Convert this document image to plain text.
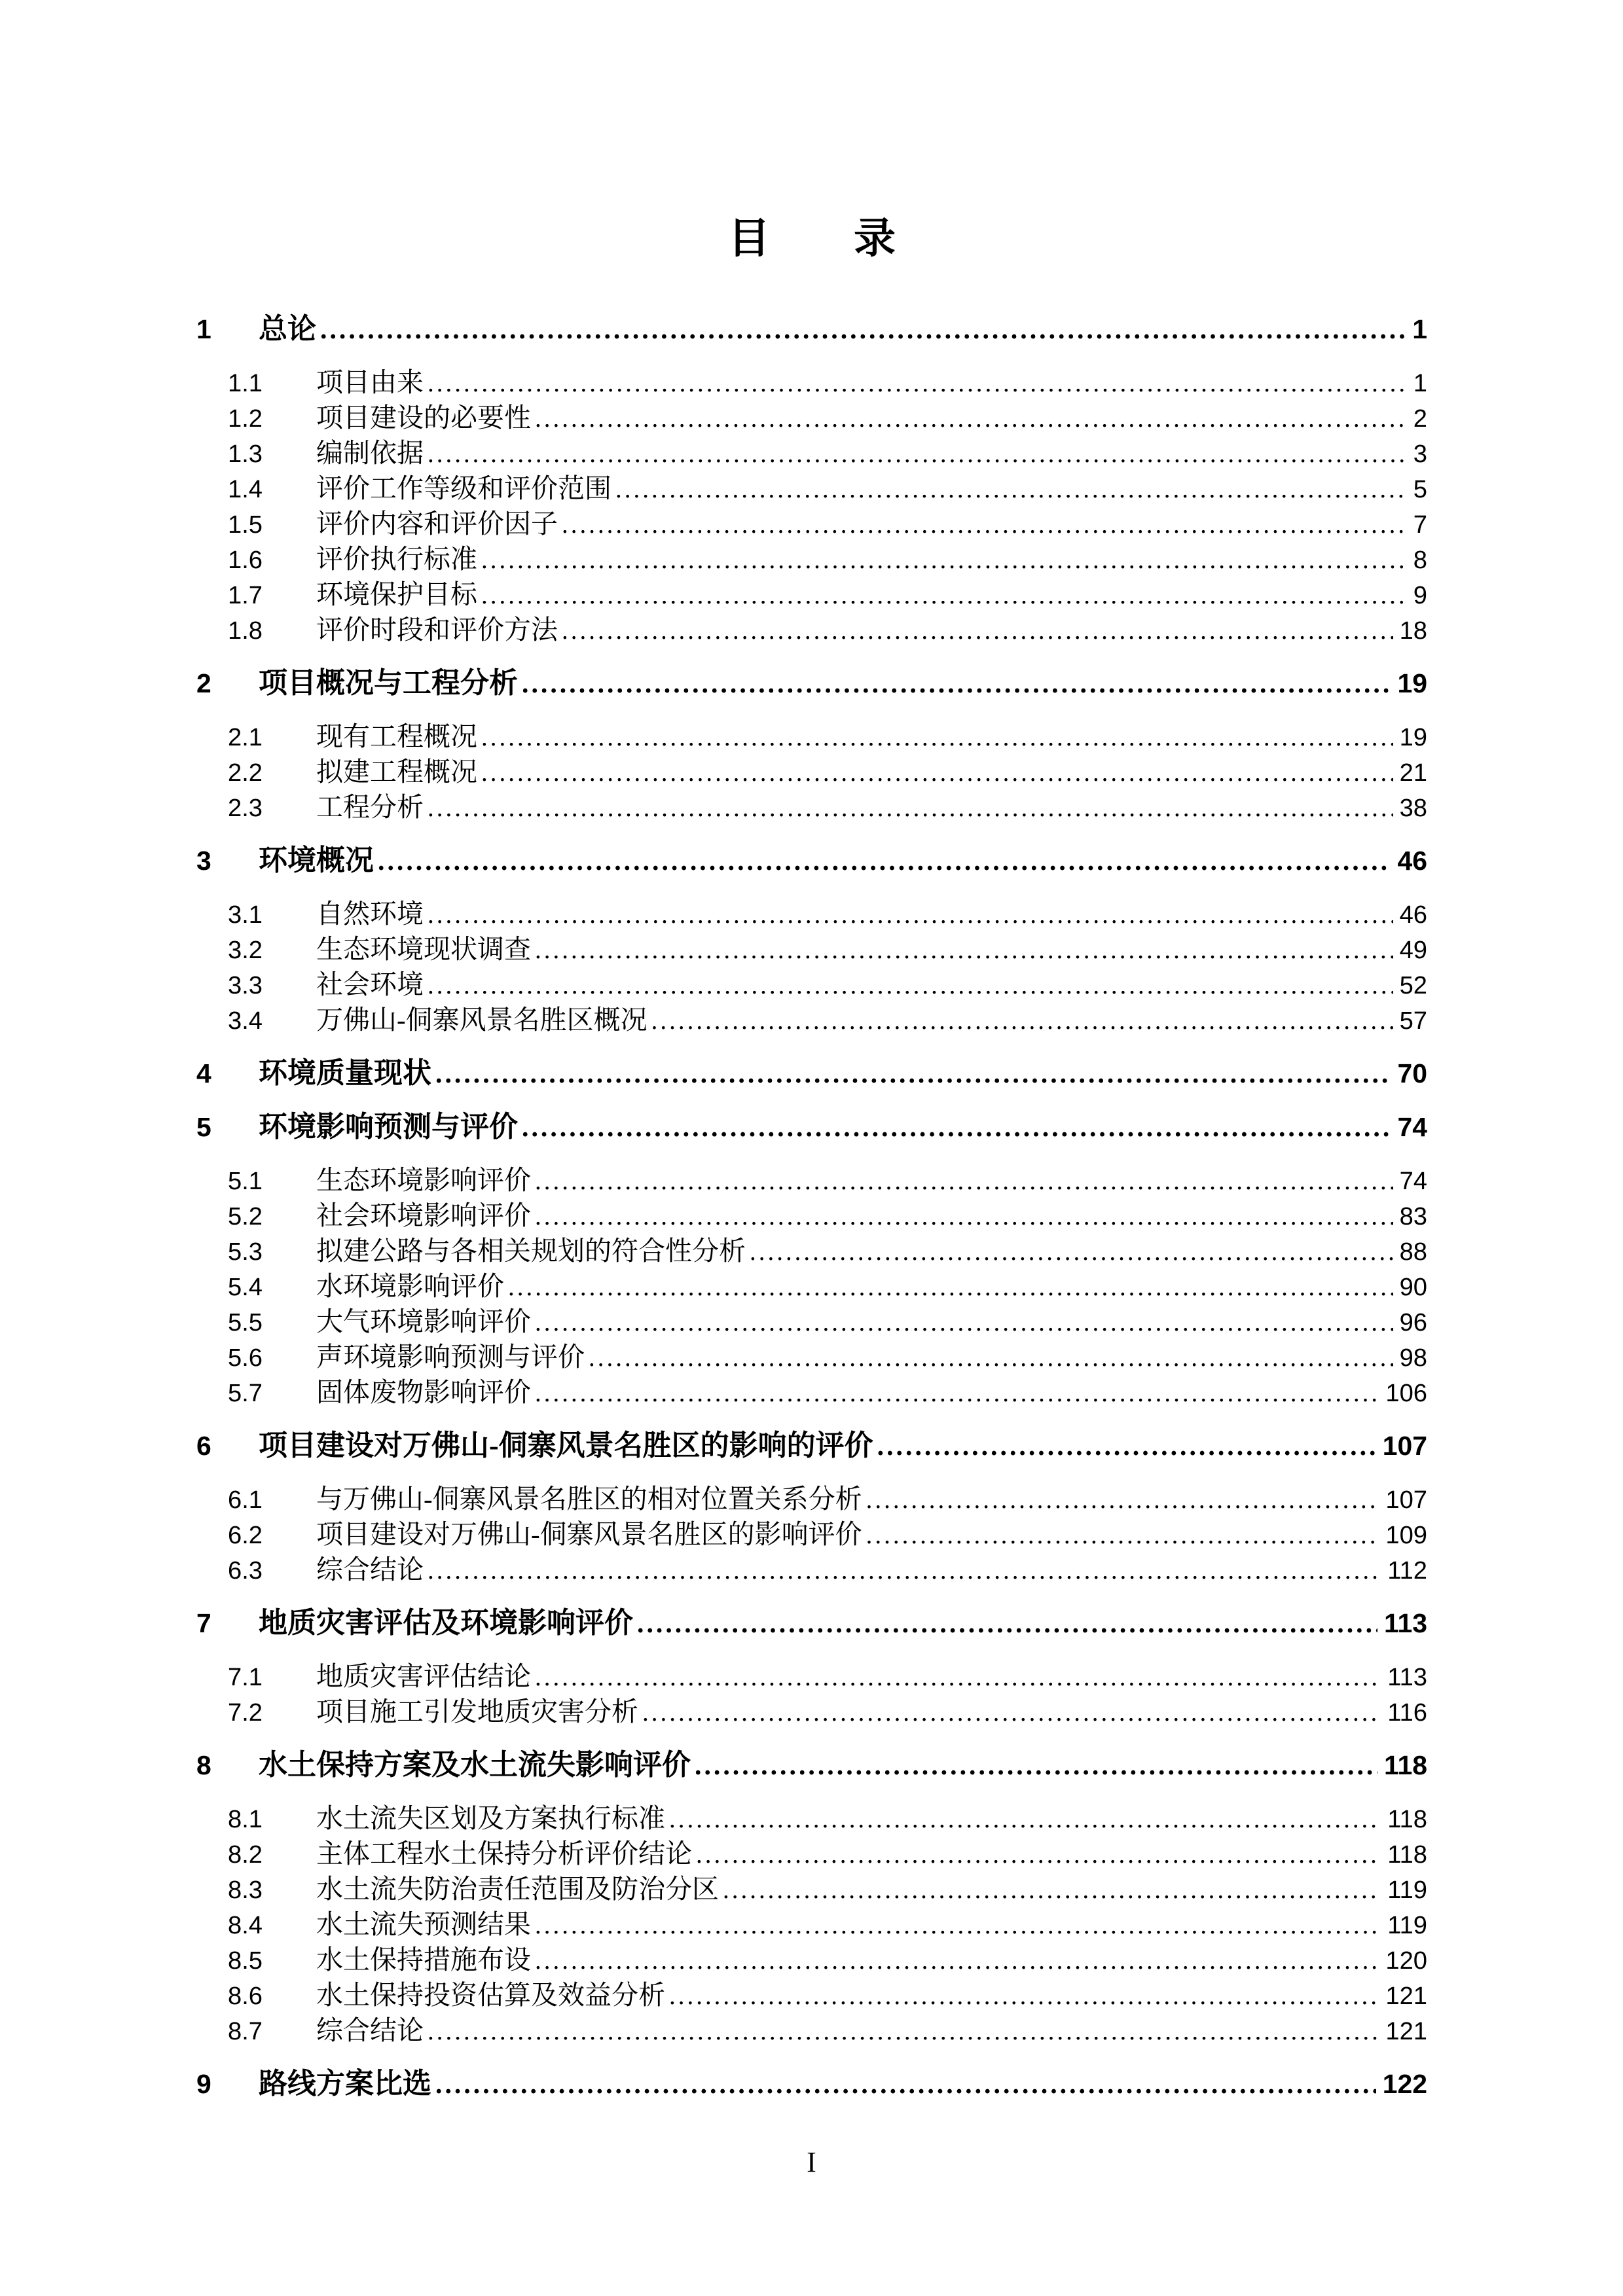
目　　录
1	总论 .....	1
1.1	项目由来 .....	1
1.2	项目建设的必要性 .....	2
1.3	编制依据 .....	3
1.4	评价工作等级和评价范围 .....	5
1.5	评价内容和评价因子 .....	7
1.6	评价执行标准 .....	8
1.7	环境保护目标 .....	9
1.8	评价时段和评价方法 .....	18
2	项目概况与工程分析 .....	19
2.1	现有工程概况 .....	19
2.2	拟建工程概况 .....	21
2.3	工程分析 .....	38
3	环境概况 .....	46
3.1	自然环境 .....	46
3.2	生态环境现状调查 .....	49
3.3	社会环境 .....	52
3.4	万佛山-侗寨风景名胜区概况 .....	57
4	环境质量现状 .....	70
5	环境影响预测与评价 .....	74
5.1	生态环境影响评价 .....	74
5.2	社会环境影响评价 .....	83
5.3	拟建公路与各相关规划的符合性分析 .....	88
5.4	水环境影响评价 .....	90
5.5	大气环境影响评价 .....	96
5.6	声环境影响预测与评价 .....	98
5.7	固体废物影响评价 .....	106
6	项目建设对万佛山-侗寨风景名胜区的影响的评价 .....	107
6.1	与万佛山-侗寨风景名胜区的相对位置关系分析 .....	107
6.2	项目建设对万佛山-侗寨风景名胜区的影响评价 .....	109
6.3	综合结论 .....	112
7	地质灾害评估及环境影响评价 .....	113
7.1	地质灾害评估结论 .....	113
7.2	项目施工引发地质灾害分析 .....	116
8	水土保持方案及水土流失影响评价 .....	118
8.1	水土流失区划及方案执行标准 .....	118
8.2	主体工程水土保持分析评价结论 .....	118
8.3	水土流失防治责任范围及防治分区 .....	119
8.4	水土流失预测结果 .....	119
8.5	水土保持措施布设 .....	120
8.6	水土保持投资估算及效益分析 .....	121
8.7	综合结论 .....	121
9	路线方案比选 .....	122
I
